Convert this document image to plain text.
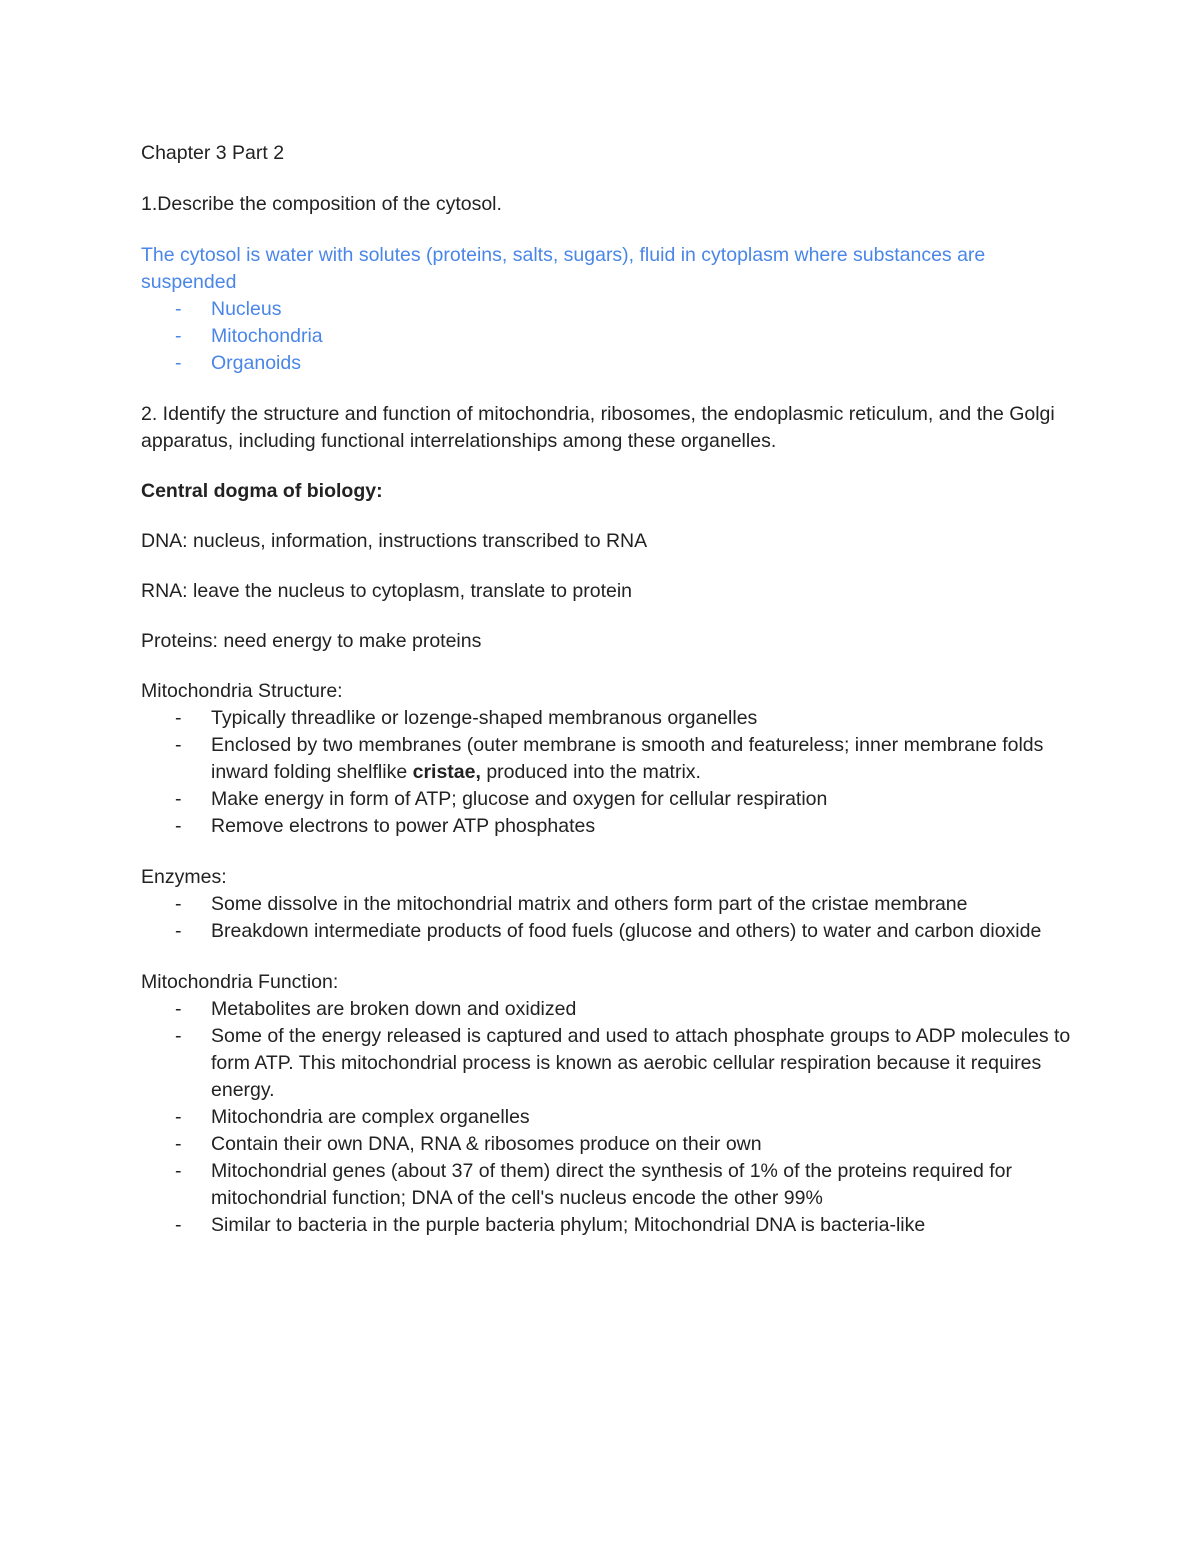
Chapter 3 Part 2

1.Describe the composition of the cytosol.

The cytosol is water with solutes (proteins, salts, sugars), fluid in cytoplasm where substances are suspended

- Nucleus
- Mitochondria
- Organoids

2. Identify the structure and function of mitochondria, ribosomes, the endoplasmic reticulum, and the Golgi apparatus, including functional interrelationships among these organelles.

Central dogma of biology:

DNA: nucleus, information, instructions transcribed to RNA

RNA: leave the nucleus to cytoplasm, translate to protein

Proteins: need energy to make proteins

Mitochondria Structure:

- Typically threadlike or lozenge-shaped membranous organelles
- Enclosed by two membranes (outer membrane is smooth and featureless; inner membrane folds inward folding shelflike cristae, produced into the matrix.
- Make energy in form of ATP; glucose and oxygen for cellular respiration
- Remove electrons to power ATP phosphates

Enzymes:

- Some dissolve in the mitochondrial matrix and others form part of the cristae membrane
- Breakdown intermediate products of food fuels (glucose and others) to water and carbon dioxide

Mitochondria Function:

- Metabolites are broken down and oxidized
- Some of the energy released is captured and used to attach phosphate groups to ADP molecules to form ATP. This mitochondrial process is known as aerobic cellular respiration because it requires energy.
- Mitochondria are complex organelles
- Contain their own DNA, RNA & ribosomes produce on their own
- Mitochondrial genes (about 37 of them) direct the synthesis of 1% of the proteins required for mitochondrial function; DNA of the cell's nucleus encode the other 99%
- Similar to bacteria in the purple bacteria phylum; Mitochondrial DNA is bacteria-like
